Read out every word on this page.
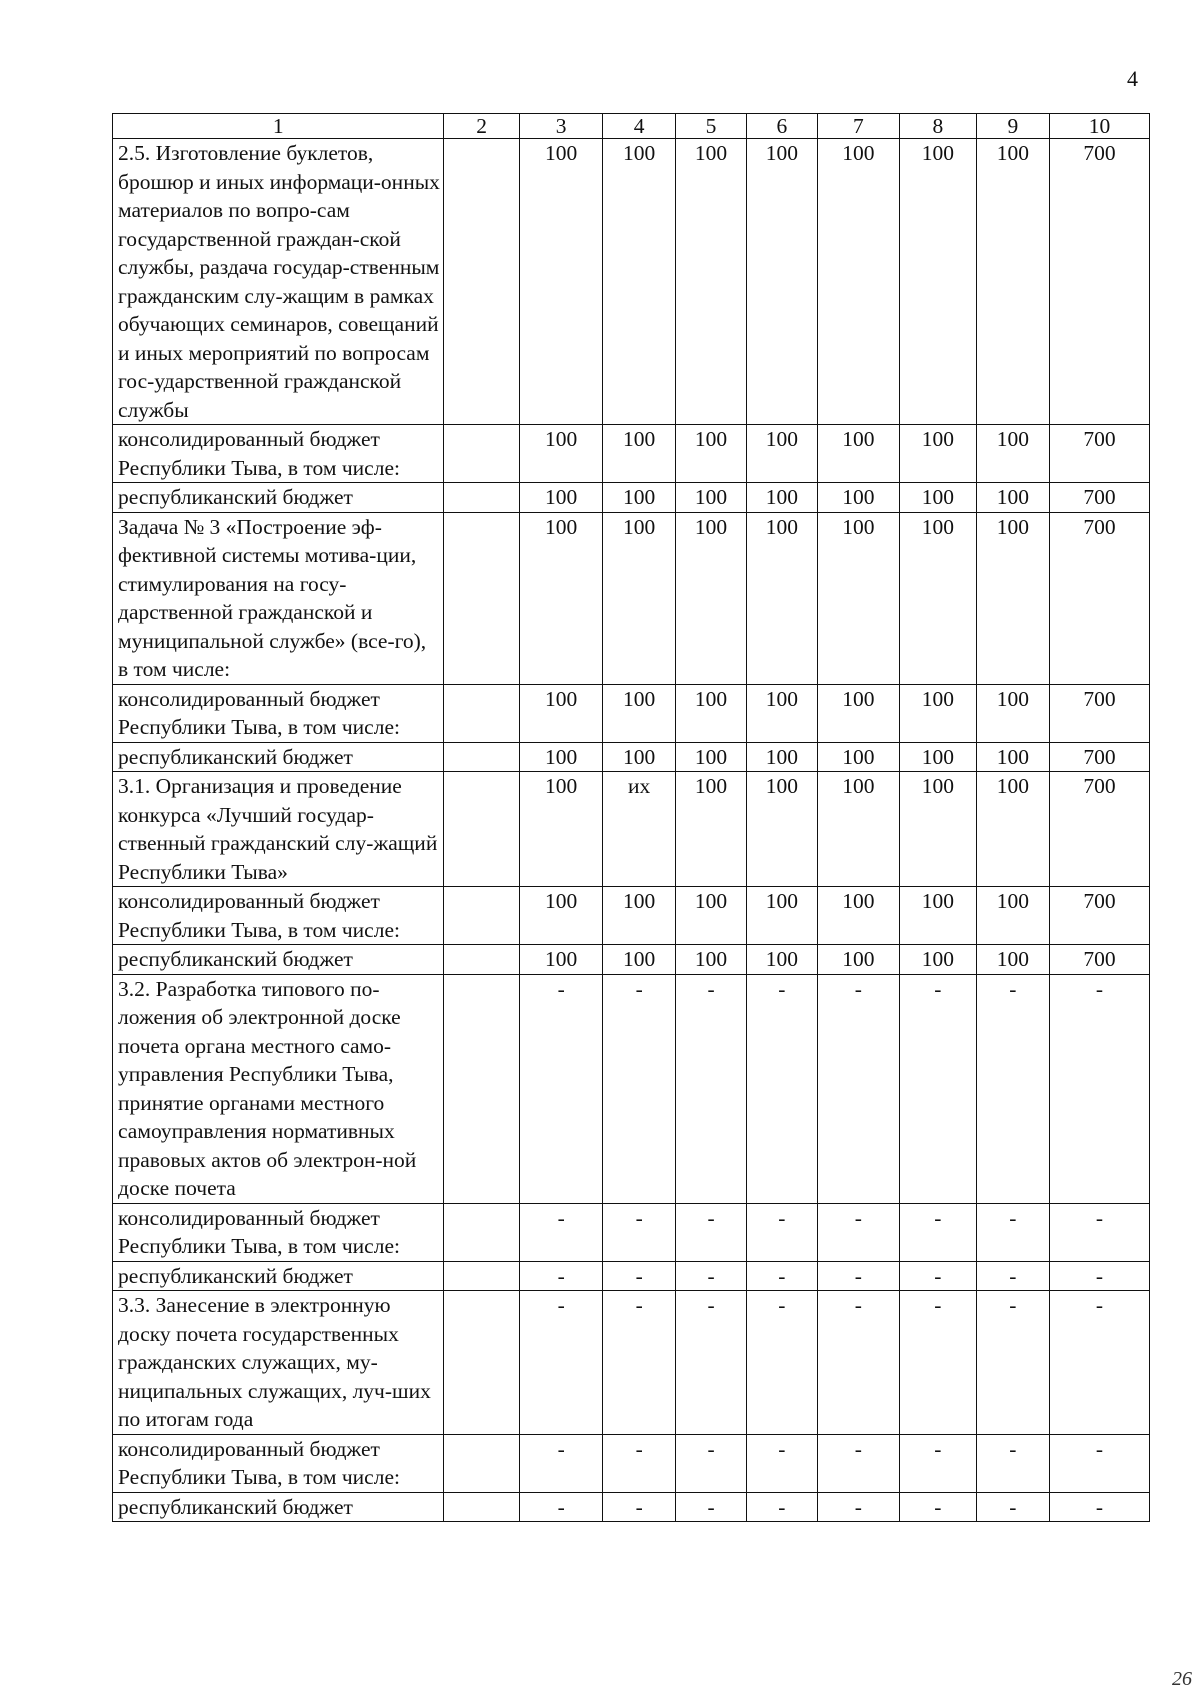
4
1	2	3	4	5	6	7	8	9	10
2.5. Изготовление буклетов, брошюр и иных информаци-онных материалов по вопро-сам государственной граждан-ской службы, раздача государ-ственным гражданским слу-жащим в рамках обучающих семинаров, совещаний и иных мероприятий по вопросам гос-ударственной гражданской службы		100	100	100	100	100	100	100	700
консолидированный бюджет Республики Тыва, в том числе:		100	100	100	100	100	100	100	700
республиканский бюджет		100	100	100	100	100	100	100	700
Задача № 3 «Построение эф-фективной системы мотива-ции, стимулирования на госу-дарственной гражданской и муниципальной службе» (все-го), в том числе:		100	100	100	100	100	100	100	700
консолидированный бюджет Республики Тыва, в том числе:		100	100	100	100	100	100	100	700
республиканский бюджет		100	100	100	100	100	100	100	700
3.1. Организация и проведение конкурса «Лучший государ-ственный гражданский слу-жащий Республики Тыва»		100	их	100	100	100	100	100	700
консолидированный бюджет Республики Тыва, в том числе:		100	100	100	100	100	100	100	700
республиканский бюджет		100	100	100	100	100	100	100	700
3.2. Разработка типового по-ложения об электронной доске почета органа местного само-управления Республики Тыва, принятие органами местного самоуправления нормативных правовых актов об электрон-ной доске почета		-	-	-	-	-	-	-	-
консолидированный бюджет Республики Тыва, в том числе:		-	-	-	-	-	-	-	-
республиканский бюджет		-	-	-	-	-	-	-	-
3.3. Занесение в электронную доску почета государственных гражданских служащих, му-ниципальных служащих, луч-ших по итогам года		-	-	-	-	-	-	-	-
консолидированный бюджет Республики Тыва, в том числе:		-	-	-	-	-	-	-	-
республиканский бюджет		-	-	-	-	-	-	-	-
26
